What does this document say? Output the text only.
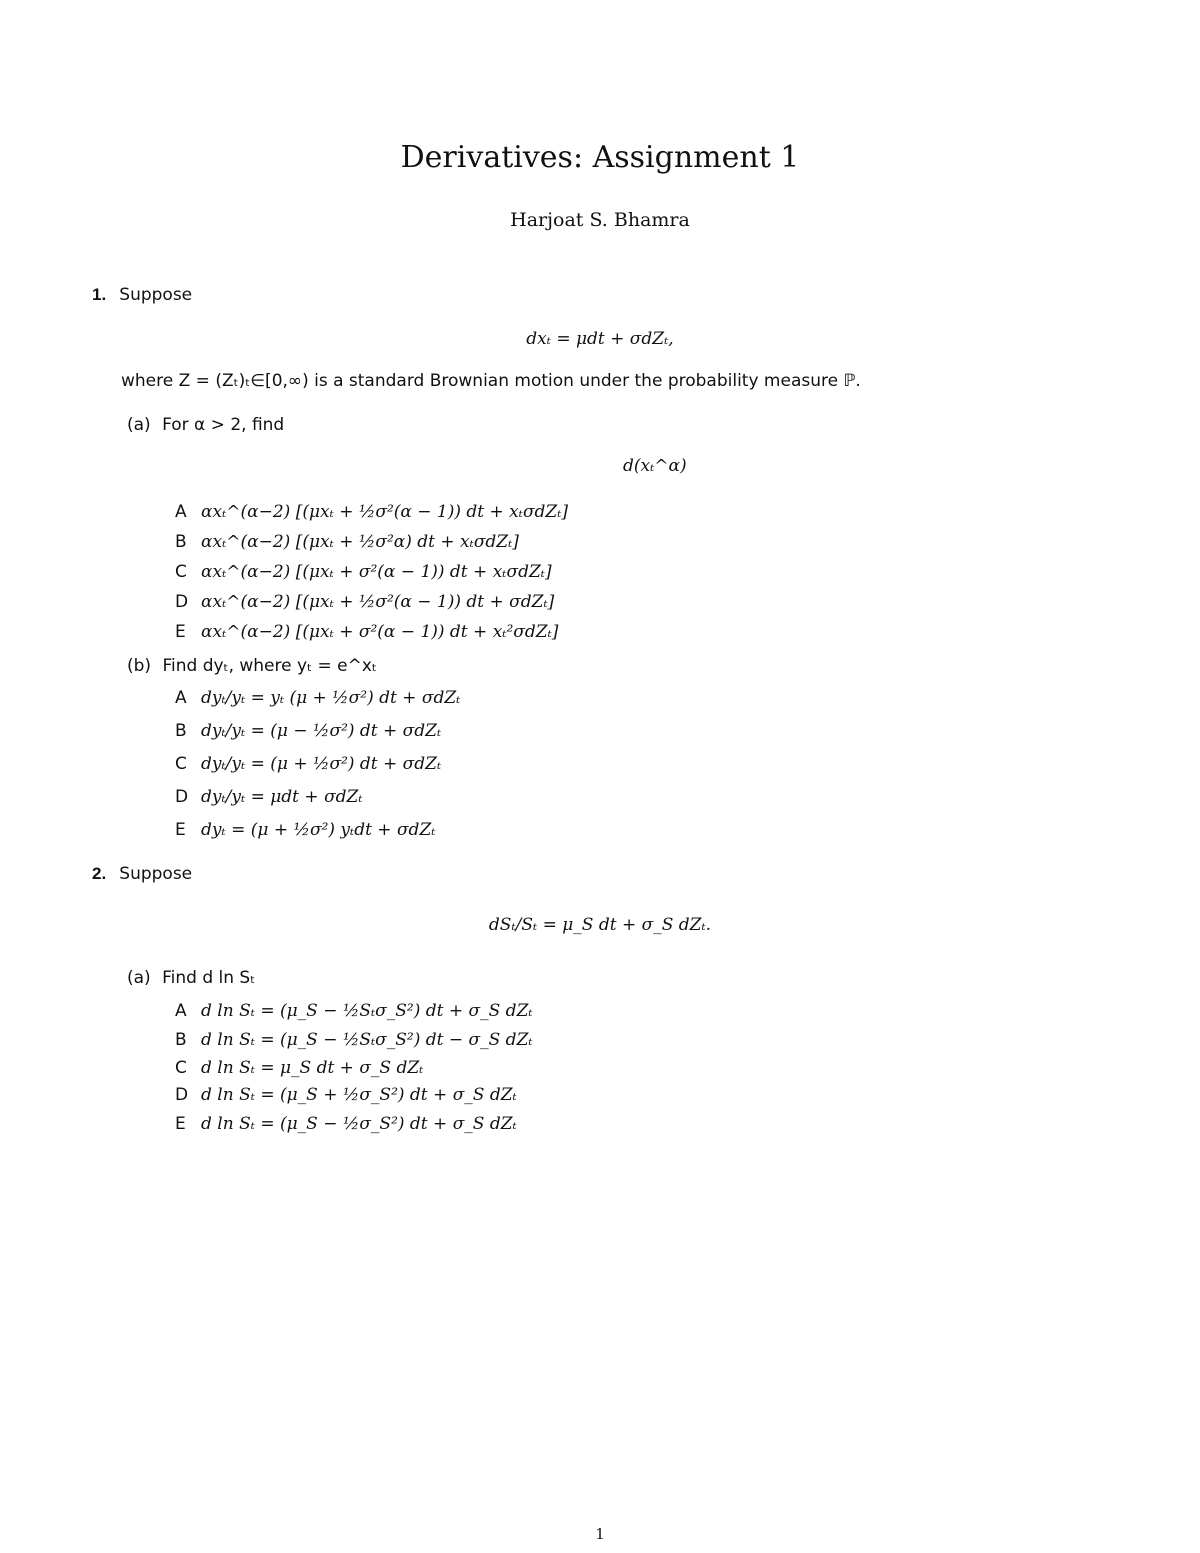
Derivatives: Assignment 1
Harjoat S. Bhamra
1. Suppose
dxₜ = μdt + σdZₜ,
where Z = (Zₜ)ₜ∈[0,∞) is a standard Brownian motion under the probability measure ℙ.
(a) For α > 2, find
d(xₜ^α)
A αxₜ^(α−2) [(μxₜ + ½σ²(α − 1)) dt + xₜσdZₜ]
B αxₜ^(α−2) [(μxₜ + ½σ²α) dt + xₜσdZₜ]
C αxₜ^(α−2) [(μxₜ + σ²(α − 1)) dt + xₜσdZₜ]
D αxₜ^(α−2) [(μxₜ + ½σ²(α − 1)) dt + σdZₜ]
E αxₜ^(α−2) [(μxₜ + σ²(α − 1)) dt + xₜ²σdZₜ]
(b) Find dyₜ, where yₜ = e^xₜ
A dyₜ/yₜ = yₜ (μ + ½σ²) dt + σdZₜ
B dyₜ/yₜ = (μ − ½σ²) dt + σdZₜ
C dyₜ/yₜ = (μ + ½σ²) dt + σdZₜ
D dyₜ/yₜ = μdt + σdZₜ
E dyₜ = (μ + ½σ²) yₜdt + σdZₜ
2. Suppose
dSₜ/Sₜ = μ_S dt + σ_S dZₜ.
(a) Find d ln Sₜ
A d ln Sₜ = (μ_S − ½Sₜσ_S²) dt + σ_S dZₜ
B d ln Sₜ = (μ_S − ½Sₜσ_S²) dt − σ_S dZₜ
C d ln Sₜ = μ_S dt + σ_S dZₜ
D d ln Sₜ = (μ_S + ½σ_S²) dt + σ_S dZₜ
E d ln Sₜ = (μ_S − ½σ_S²) dt + σ_S dZₜ
1
